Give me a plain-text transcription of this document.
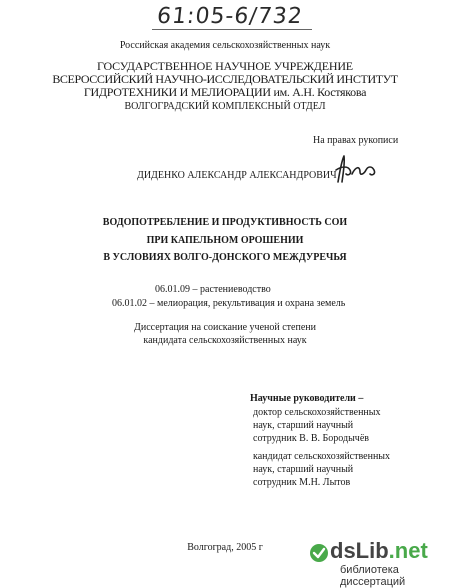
61:05-6/732
Российская академия сельскохозяйственных наук
ГОСУДАРСТВЕННОЕ НАУЧНОЕ УЧРЕЖДЕНИЕ
ВСЕРОССИЙСКИЙ НАУЧНО-ИССЛЕДОВАТЕЛЬСКИЙ ИНСТИТУТ
ГИДРОТЕХНИКИ И МЕЛИОРАЦИИ им. А.Н. Костякова
ВОЛГОГРАДСКИЙ КОМПЛЕКСНЫЙ ОТДЕЛ
На правах рукописи
ДИДЕНКО АЛЕКСАНДР АЛЕКСАНДРОВИЧ
ВОДОПОТРЕБЛЕНИЕ И ПРОДУКТИВНОСТЬ СОИ
ПРИ КАПЕЛЬНОМ ОРОШЕНИИ
В УСЛОВИЯХ ВОЛГО-ДОНСКОГО МЕЖДУРЕЧЬЯ
06.01.09 – растениеводство
06.01.02 – мелиорация, рекультивация и охрана земель
Диссертация на соискание ученой степени
кандидата сельскохозяйственных наук
Научные руководители –
доктор сельскохозяйственных
наук, старший научный
сотрудник В. В. Бородычёв
кандидат сельскохозяйственных
наук, старший научный
сотрудник М.Н. Лытов
Волгоград, 2005 г	dsLib.net
библиотека диссертаций
